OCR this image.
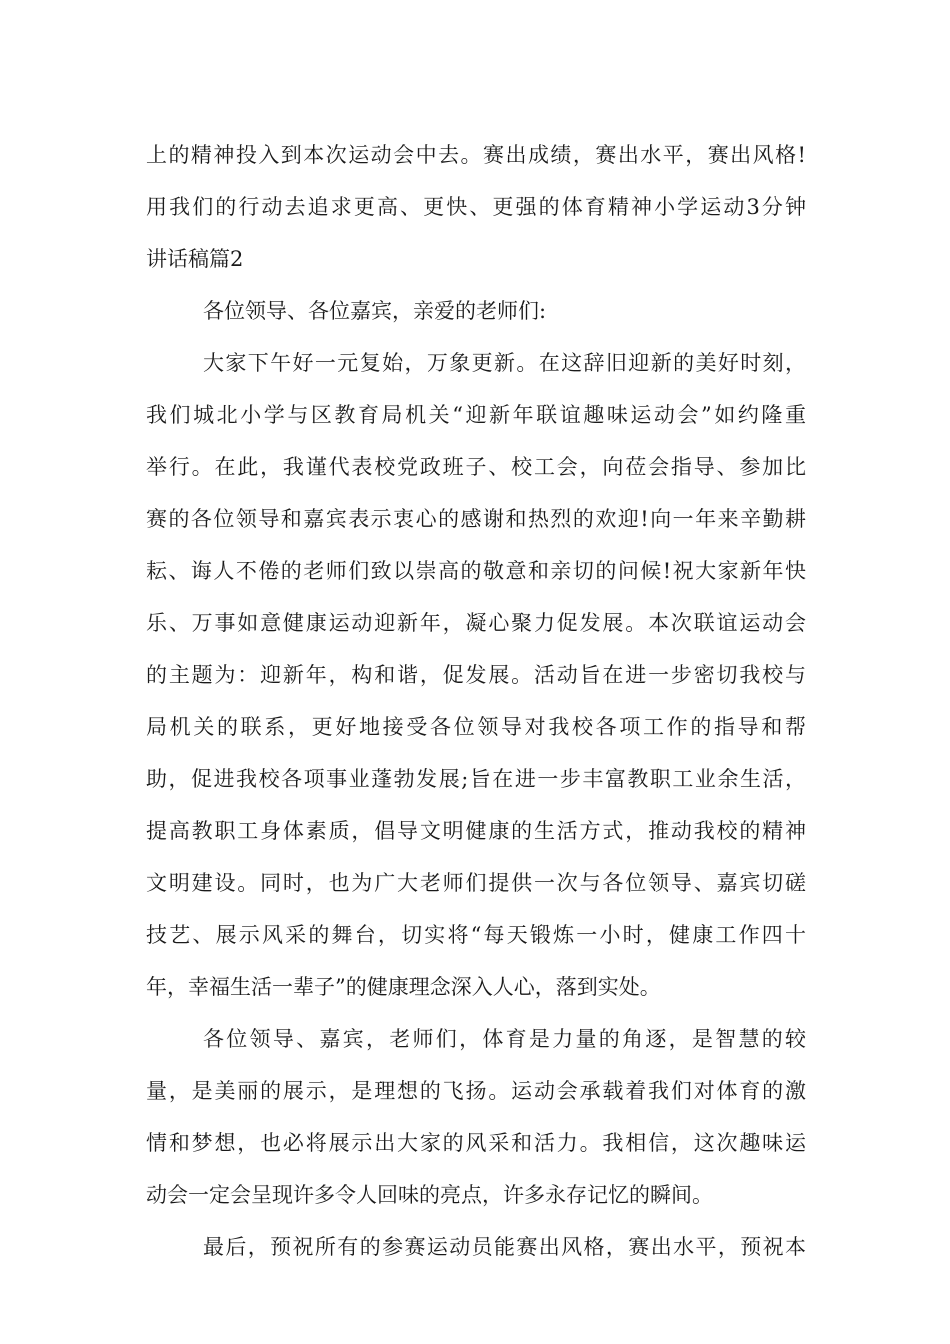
上的精神投入到本次运动会中去。赛出成绩，赛出水平，赛出风格!
用我们的行动去追求更高、更快、更强的体育精神小学运动3分钟
讲话稿篇2
各位领导、各位嘉宾，亲爱的老师们:
大家下午好一元复始，万象更新。在这辞旧迎新的美好时刻，
我们城北小学与区教育局机关“迎新年联谊趣味运动会”如约隆重
举行。在此，我谨代表校党政班子、校工会，向莅会指导、参加比
赛的各位领导和嘉宾表示衷心的感谢和热烈的欢迎!向一年来辛勤耕
耘、诲人不倦的老师们致以崇高的敬意和亲切的问候!祝大家新年快
乐、万事如意健康运动迎新年，凝心聚力促发展。本次联谊运动会
的主题为：迎新年，构和谐，促发展。活动旨在进一步密切我校与
局机关的联系，更好地接受各位领导对我校各项工作的指导和帮
助，促进我校各项事业蓬勃发展;旨在进一步丰富教职工业余生活，
提高教职工身体素质，倡导文明健康的生活方式，推动我校的精神
文明建设。同时，也为广大老师们提供一次与各位领导、嘉宾切磋
技艺、展示风采的舞台，切实将“每天锻炼一小时，健康工作四十
年，幸福生活一辈子”的健康理念深入人心，落到实处。
各位领导、嘉宾，老师们，体育是力量的角逐，是智慧的较
量，是美丽的展示，是理想的飞扬。运动会承载着我们对体育的激
情和梦想，也必将展示出大家的风采和活力。我相信，这次趣味运
动会一定会呈现许多令人回味的亮点，许多永存记忆的瞬间。
最后，预祝所有的参赛运动员能赛出风格，赛出水平，预祝本
